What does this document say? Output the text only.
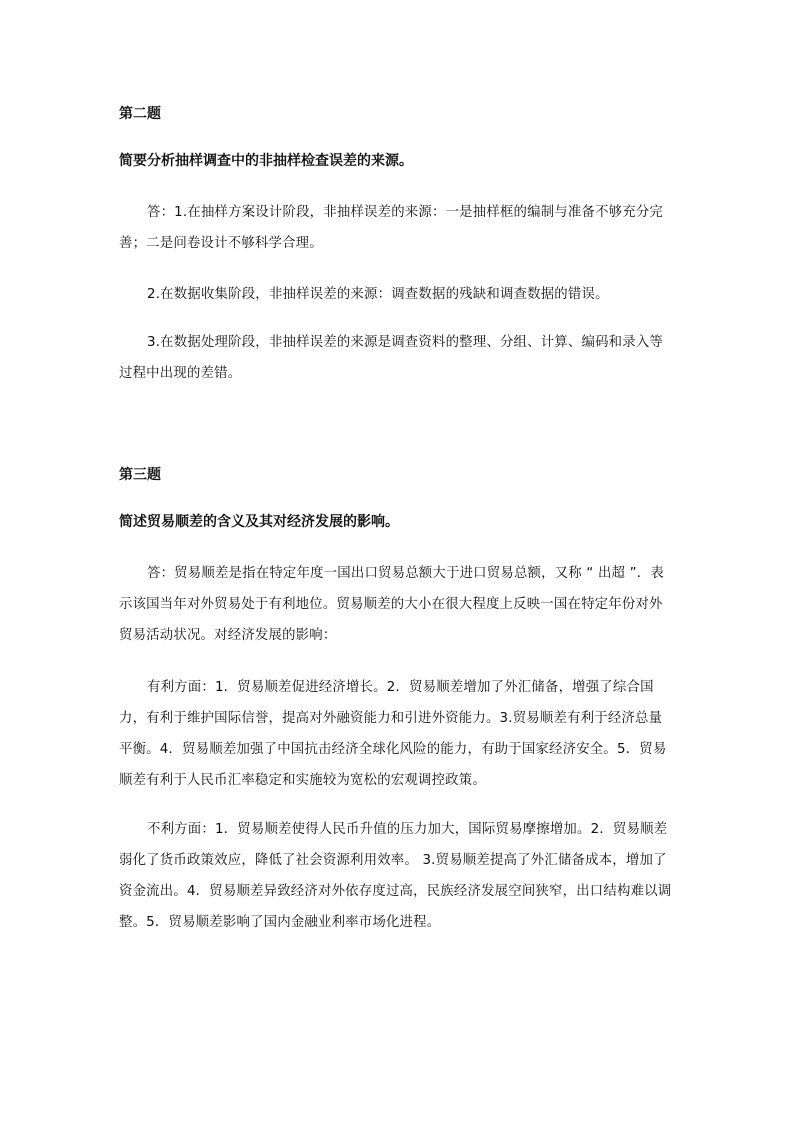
第二题

简要分析抽样调查中的非抽样检查误差的来源。

答：1.在抽样方案设计阶段，非抽样误差的来源：一是抽样框的编制与准备不够充分完善；二是问卷设计不够科学合理。

2.在数据收集阶段，非抽样误差的来源：调查数据的残缺和调查数据的错误。

3.在数据处理阶段，非抽样误差的来源是调查资料的整理、分组、计算、编码和录入等过程中出现的差错。

第三题

简述贸易顺差的含义及其对经济发展的影响。

答：贸易顺差是指在特定年度一国出口贸易总额大于进口贸易总额，又称 “ 出超 ”．表示该国当年对外贸易处于有利地位。贸易顺差的大小在很大程度上反映一国在特定年份对外贸易活动状况。对经济发展的影响：

有利方面：1．贸易顺差促进经济增长。2．贸易顺差增加了外汇储备，增强了综合国力，有利于维护国际信誉，提高对外融资能力和引进外资能力。3.贸易顺差有利于经济总量平衡。4．贸易顺差加强了中国抗击经济全球化风险的能力，有助于国家经济安全。5．贸易顺差有利于人民币汇率稳定和实施较为宽松的宏观调控政策。

不利方面：1．贸易顺差使得人民币升值的压力加大，国际贸易摩擦增加。2．贸易顺差弱化了货币政策效应，降低了社会资源利用效率。 3.贸易顺差提高了外汇储备成本，增加了资金流出。4．贸易顺差异致经济对外依存度过高，民族经济发展空间狭窄，出口结构难以调整。5．贸易顺差影响了国内金融业利率市场化进程。
